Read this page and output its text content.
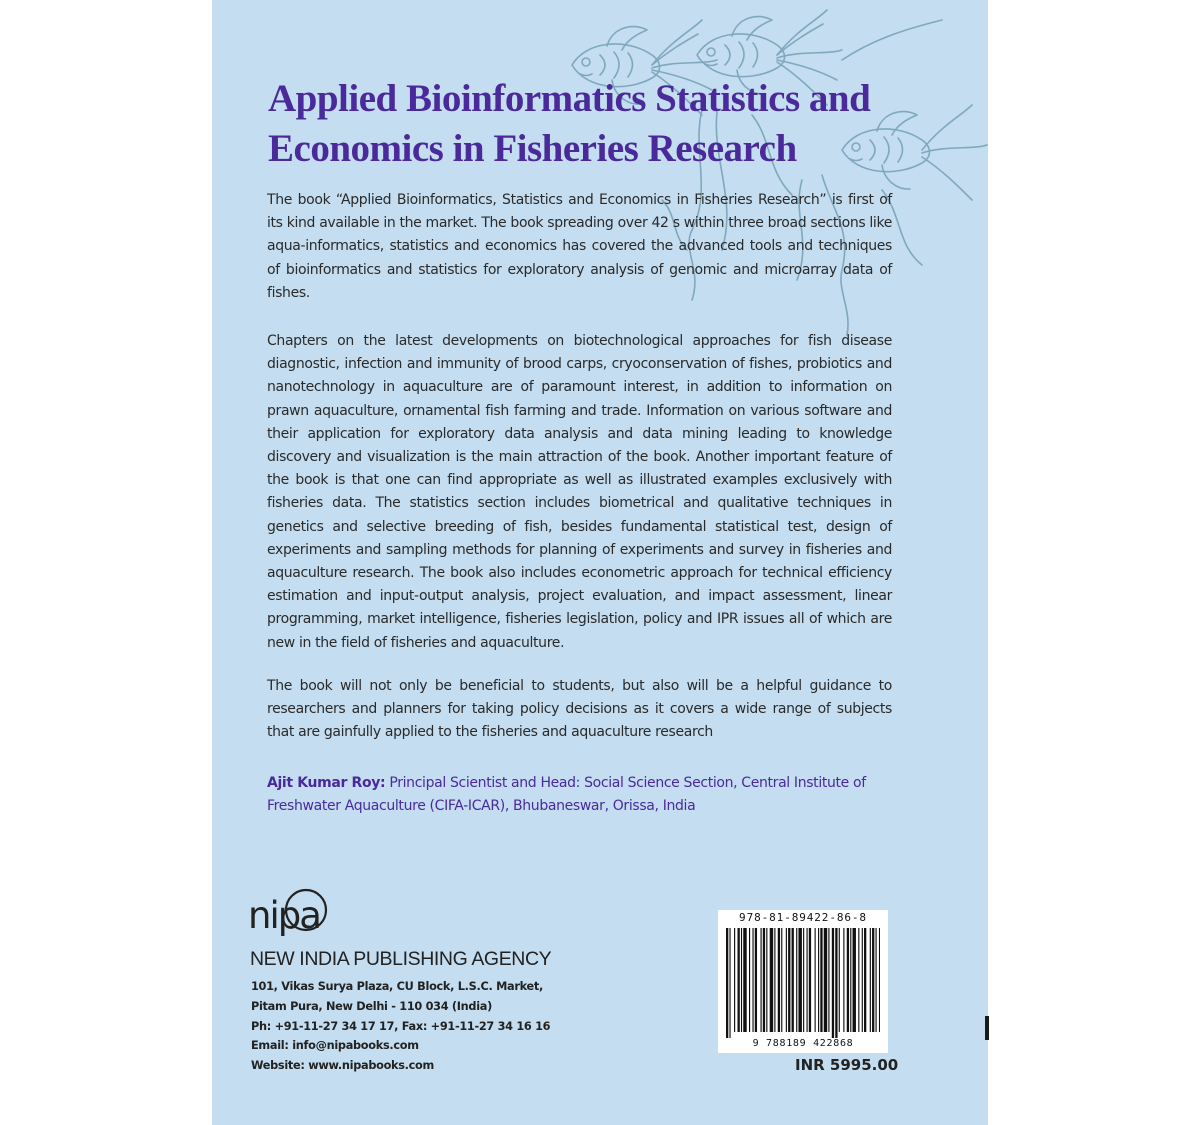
Applied Bioinformatics Statistics and
Economics in Fisheries Research

The book “Applied Bioinformatics, Statistics and Economics in Fisheries Research” is first of its kind available in the market. The book spreading over 42 s within three broad sections like aqua-informatics, statistics and economics has covered the advanced tools and techniques of bioinformatics and statistics for exploratory analysis of genomic and microarray data of fishes.

Chapters on the latest developments on biotechnological approaches for fish disease diagnostic, infection and immunity of brood carps, cryoconservation of fishes, probiotics and nanotechnology in aquaculture are of paramount interest, in addition to information on prawn aquaculture, ornamental fish farming and trade. Information on various software and their application for exploratory data analysis and data mining leading to knowledge discovery and visualization is the main attraction of the book. Another important feature of the book is that one can find appropriate as well as illustrated examples exclusively with fisheries data. The statistics section includes biometrical and qualitative techniques in genetics and selective breeding of fish, besides fundamental statistical test, design of experiments and sampling methods for planning of experiments and survey in fisheries and aquaculture research. The book also includes econometric approach for technical efficiency estimation and input-output analysis, project evaluation, and impact assessment, linear programming, market intelligence, fisheries legislation, policy and IPR issues all of which are new in the field of fisheries and aquaculture.

The book will not only be beneficial to students, but also will be a helpful guidance to researchers and planners for taking policy decisions as it covers a wide range of subjects that are gainfully applied to the fisheries and aquaculture research

Ajit Kumar Roy: Principal Scientist and Head: Social Science Section, Central Institute of Freshwater Aquaculture (CIFA-ICAR), Bhubaneswar, Orissa, India

nipa

NEW INDIA PUBLISHING AGENCY

101, Vikas Surya Plaza, CU Block, L.S.C. Market,
Pitam Pura, New Delhi - 110 034 (India)
Ph: +91-11-27 34 17 17, Fax: +91-11-27 34 16 16
Email: info@nipabooks.com
Website: www.nipabooks.com
978-81-89422-86-8
9 788189 422868

INR 5995.00
